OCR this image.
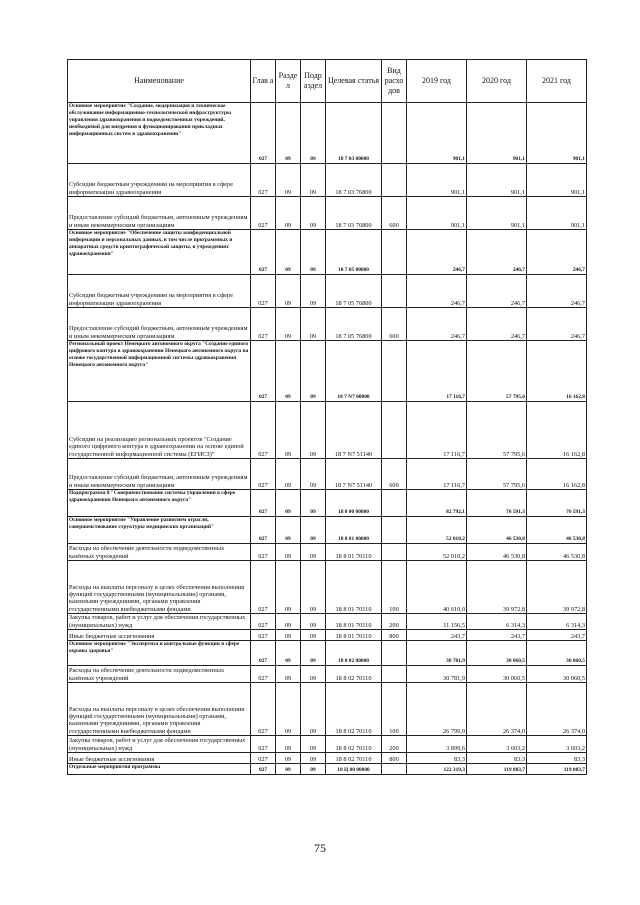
Наименование	Глав а	Разде л	Подр аздел	Целевая статья	Вид расхо дов	2019 год	2020 год	2021 год
Основное мероприятие "Создание, модернизация и техническое обслуживание информационно-технологической инфраструктуры управления здравоохранения и подведомственных учреждений, необходимой для внедрения и функционирования прикладных информационных систем в здравоохранении"	027	09	09	18 7 03 00000		901,1	901,1	901,1
Субсидии бюджетным учреждениям на мероприятия в сфере информатизации здравоохранения	027	09	09	18 7 03 76800		901,1	901,1	901,1
Предоставление субсидий бюджетным, автономным учреждениям и иным некоммерческим организациям	027	09	09	18 7 03 76800	600	901,1	901,1	901,1
Основное мероприятие "Обеспечение защиты конфиденциальной информации и персональных данных, в том числе программных и аппаратных средств криптографической защиты, в учреждениях здравоохранения"	027	09	09	18 7 05 00000		246,7	246,7	246,7
Субсидии бюджетным учреждениям на мероприятия в сфере информатизации здравоохранения	027	09	09	18 7 05 76800		246,7	246,7	246,7
Предоставление субсидий бюджетным, автономным учреждениям и иным некоммерческим организациям	027	09	09	18 7 05 76800	600	246,7	246,7	246,7
Региональный проект Ненецкого автономного округа "Создание единого цифрового контура в здравоохранении Ненецкого автономного округа на основе государственной информационной системы здравоохранения Ненецкого автономного округа"	027	09	09	18 7 N7 00000		17 116,7	57 795,6	16 162,8
Субсидии на реализацию региональных проектов "Создание единого цифрового контура в здравоохранении на основе единой государственной информационной системы (ЕГИСЗ)"	027	09	09	18 7 N7 51140		17 116,7	57 795,6	16 162,8
Предоставление субсидий бюджетным, автономным учреждениям и иным некоммерческим организациям	027	09	09	18 7 N7 51140	600	17 116,7	57 795,6	16 162,8
Подпрограмма 8 "Совершенствование системы управления в сфере здравоохранения Ненецкого автономного округа"	027	09	09	18 8 00 00000		82 792,1	76 591,3	76 591,3
Основное мероприятие "Управление развитием отрасли, совершенствование структуры медицинских организаций"	027	09	09	18 8 01 00000		52 010,2	46 530,8	46 530,8
Расходы на обеспечение деятельности подведомственных казённых учреждений	027	09	09	18 8 01 70110		52 010,2	46 530,8	46 530,8
Расходы на выплаты персоналу в целях обеспечения выполнения функций государственными (муниципальными) органами, казенными учреждениями, органами управления государственными внебюджетными фондами	027	09	09	18 8 01 70110	100	40 610,0	39 972,8	39 972,8
Закупка товаров, работ и услуг для обеспечения государственных (муниципальных) нужд	027	09	09	18 8 01 70110	200	11 156,5	6 314,3	6 314,3
Иные бюджетные ассигнования	027	09	09	18 8 01 70110	800	243,7	243,7	243,7
Основное мероприятие "Экспертиза и контрольные функции в сфере охраны здоровья"	027	09	09	18 8 02 00000		30 781,9	30 060,5	30 060,5
Расходы на обеспечение деятельности подведомственных казённых учреждений	027	09	09	18 8 02 70110		30 781,9	30 060,5	30 060,5
Расходы на выплаты персоналу в целях обеспечения выполнения функций государственными (муниципальными) органами, казенными учреждениями, органами управления государственными внебюджетными фондами	027	09	09	18 8 02 70110	100	26 799,0	26 374,0	26 374,0
Закупка товаров, работ и услуг для обеспечения государственных (муниципальных) нужд	027	09	09	18 8 02 70110	200	3 899,6	3 603,2	3 603,2
Иные бюджетные ассигнования	027	09	09	18 8 02 70110	800	83,3	83,3	83,3
Отдельные мероприятия программы	027	09	09	18 Ц 00 00000		122 319,3	119 083,7	119 083,7
75
